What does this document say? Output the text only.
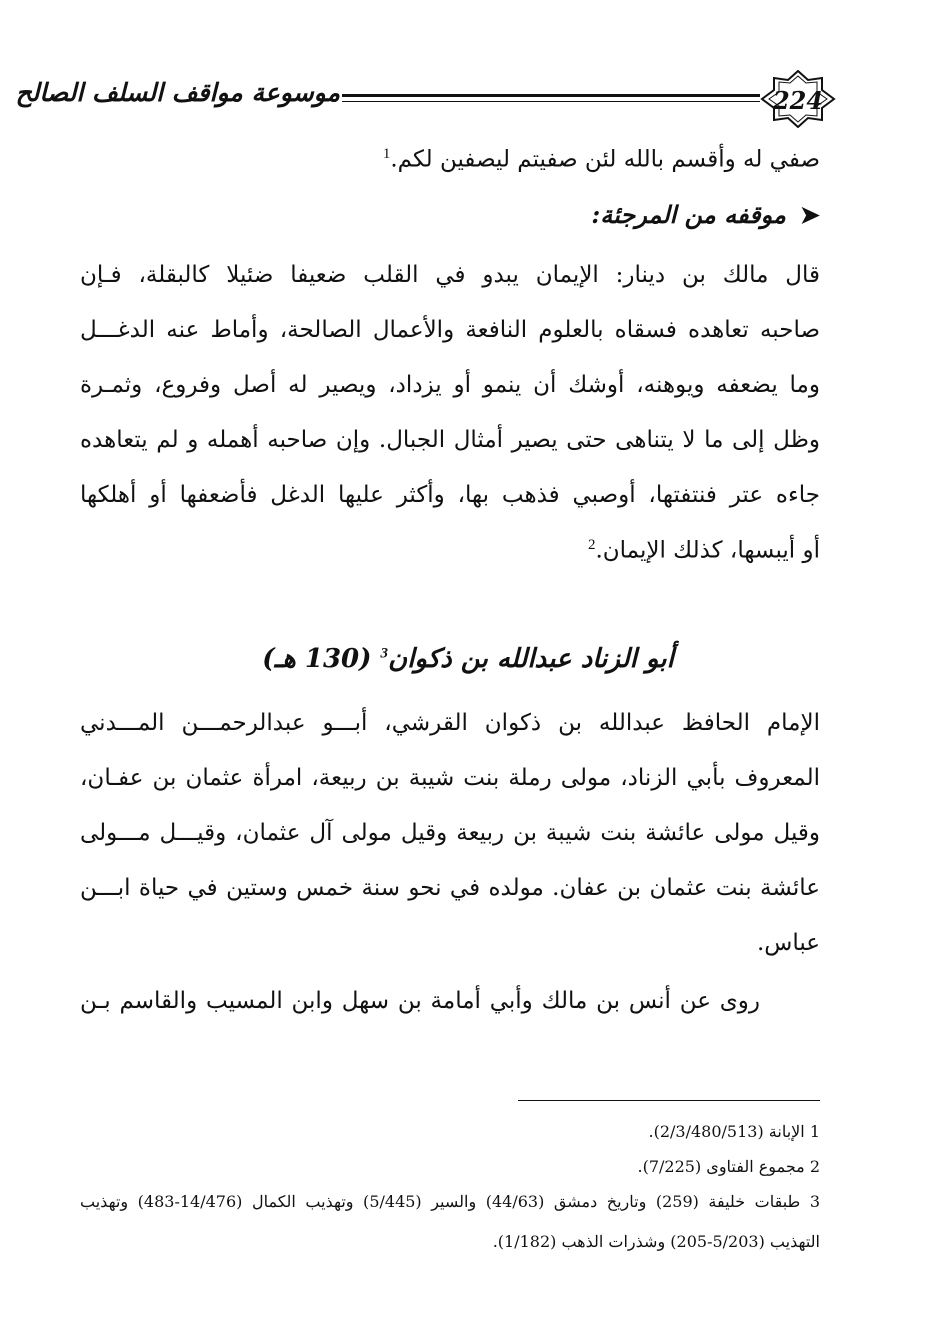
موسوعة مواقف السلف الصالح	224
صفي له وأقسم بالله لئن صفيتم ليصفين لكم.$^1$
➤موقفه من المرجئة:
قال مالك بن دينار: الإيمان يبدو في القلب ضعيفا ضئيلا كالبقلة، فـإن
صاحبه تعاهده فسقاه بالعلوم النافعة والأعمال الصالحة، وأماط عنه الدغـــل
وما يضعفه ويوهنه، أوشك أن ينمو أو يزداد، ويصير له أصل وفروع، وثمـرة
وظل إلى ما لا يتناهى حتى يصير أمثال الجبال. وإن صاحبه أهمله و لم يتعاهده
جاءه عتر فنتفتها، أوصبي فذهب بها، وأكثر عليها الدغل فأضعفها أو أهلكها
أو أيبسها، كذلك الإيمان.$^2$
أبو الزناد عبدالله بن ذكوان$^3$ (130 هـ)
الإمام الحافظ عبدالله بن ذكوان القرشي، أبـــو عبدالرحمـــن المـــدني
المعروف بأبي الزناد، مولى رملة بنت شيبة بن ربيعة، امرأة عثمان بن عفـان،
وقيل مولى عائشة بنت شيبة بن ربيعة وقيل مولى آل عثمان، وقيـــل مـــولى
عائشة بنت عثمان بن عفان. مولده في نحو سنة خمس وستين في حياة ابـــن
عباس.
روى عن أنس بن مالك وأبي أمامة بن سهل وابن المسيب والقاسم بـن
1 الإبانة (2/3/480/513).
2 مجموع الفتاوى (7/225).
3 طبقات خليفة (259) وتاريخ دمشق (44/63) والسير (5/445) وتهذيب الكمال (14/476-483) وتهذيب
التهذيب (5/203-205) وشذرات الذهب (1/182).
